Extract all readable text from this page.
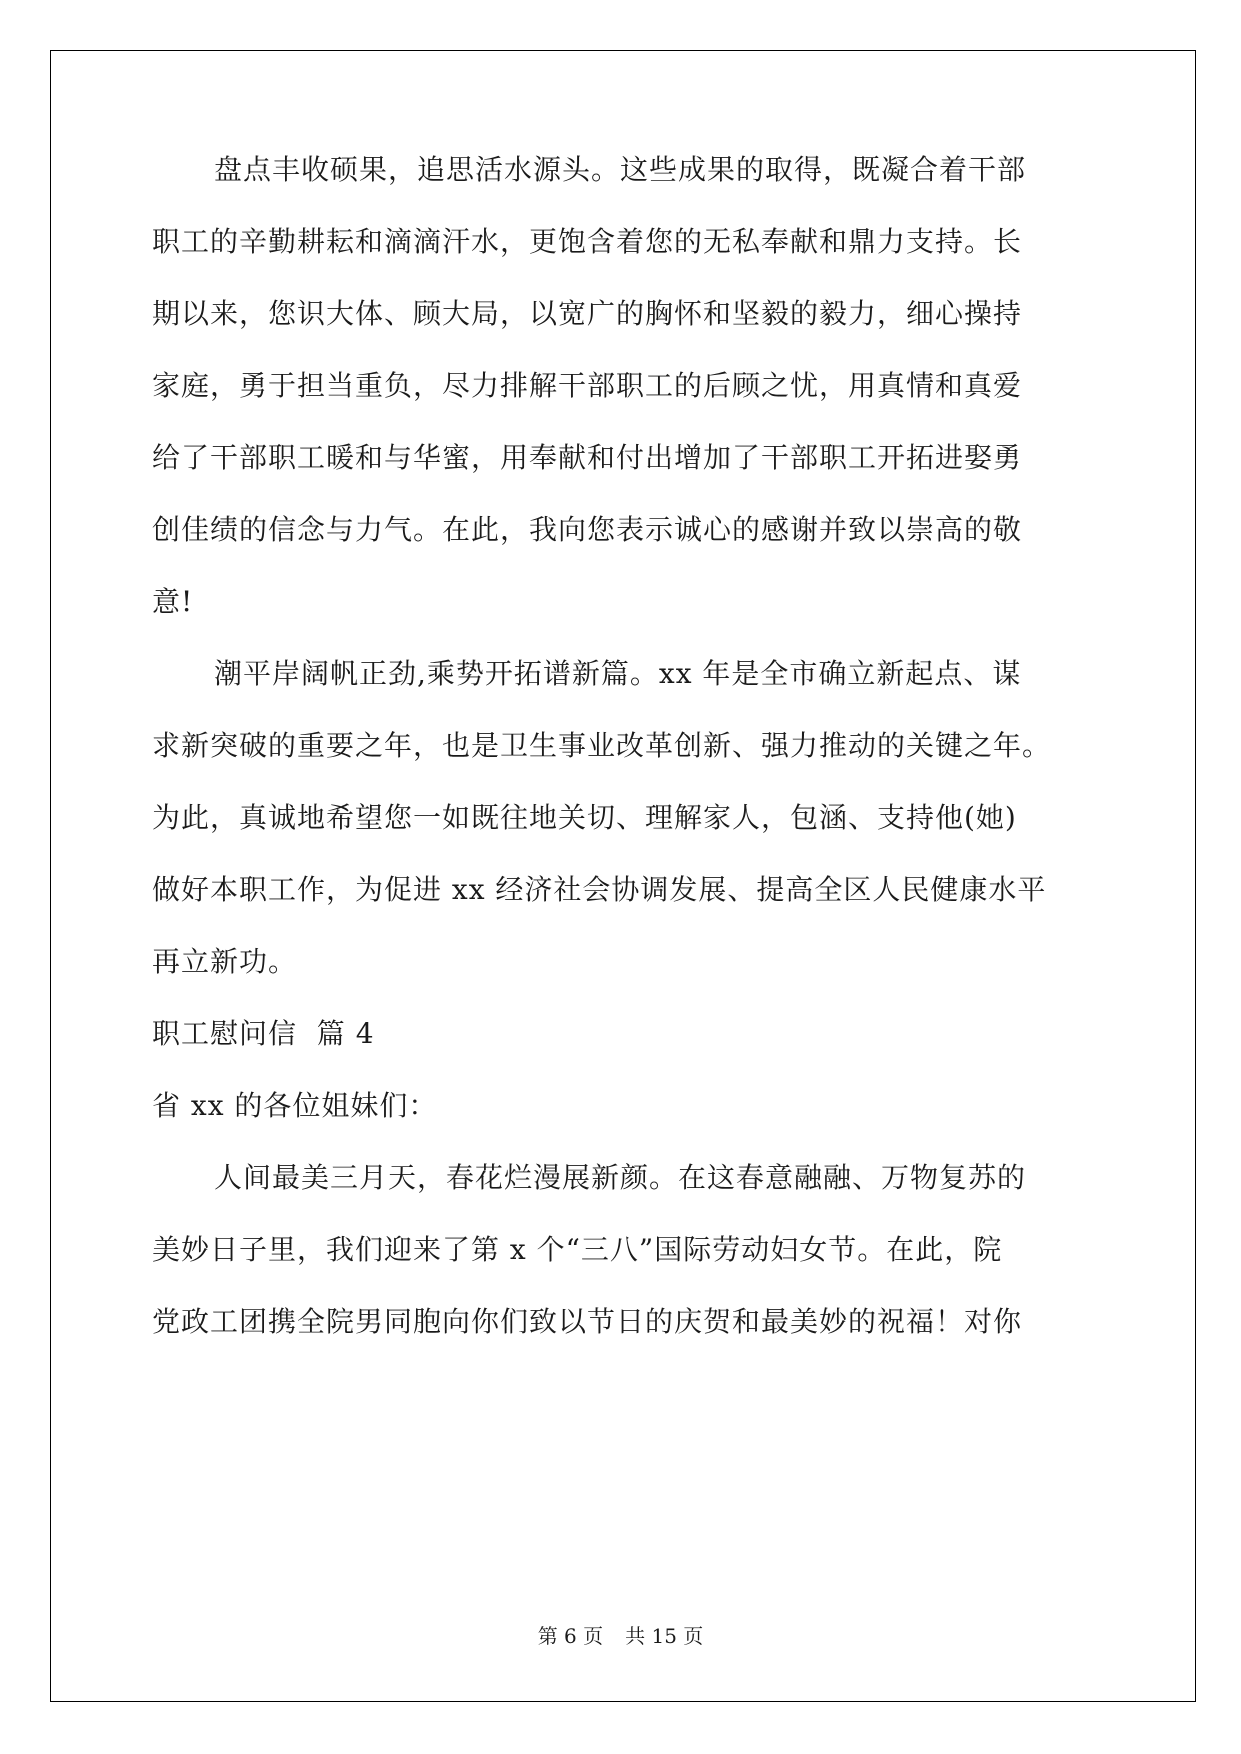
盘点丰收硕果，追思活水源头。这些成果的取得，既凝合着干部

职工的辛勤耕耘和滴滴汗水，更饱含着您的无私奉献和鼎力支持。长

期以来，您识大体、顾大局，以宽广的胸怀和坚毅的毅力，细心操持

家庭，勇于担当重负，尽力排解干部职工的后顾之忧，用真情和真爱

给了干部职工暖和与华蜜，用奉献和付出增加了干部职工开拓进娶勇

创佳绩的信念与力气。在此，我向您表示诚心的感谢并致以崇高的敬

意!

潮平岸阔帆正劲,乘势开拓谱新篇。xx 年是全市确立新起点、谋

求新突破的重要之年，也是卫生事业改革创新、强力推动的关键之年。

为此，真诚地希望您一如既往地关切、理解家人，包涵、支持他(她)

做好本职工作，为促进 xx 经济社会协调发展、提高全区人民健康水平

再立新功。

职工慰问信  篇 4

省 xx 的各位姐妹们：

人间最美三月天，春花烂漫展新颜。在这春意融融、万物复苏的

美妙日子里，我们迎来了第 x 个“三八”国际劳动妇女节。在此，院

党政工团携全院男同胞向你们致以节日的庆贺和最美妙的祝福！对你

第 6 页 共 15 页
